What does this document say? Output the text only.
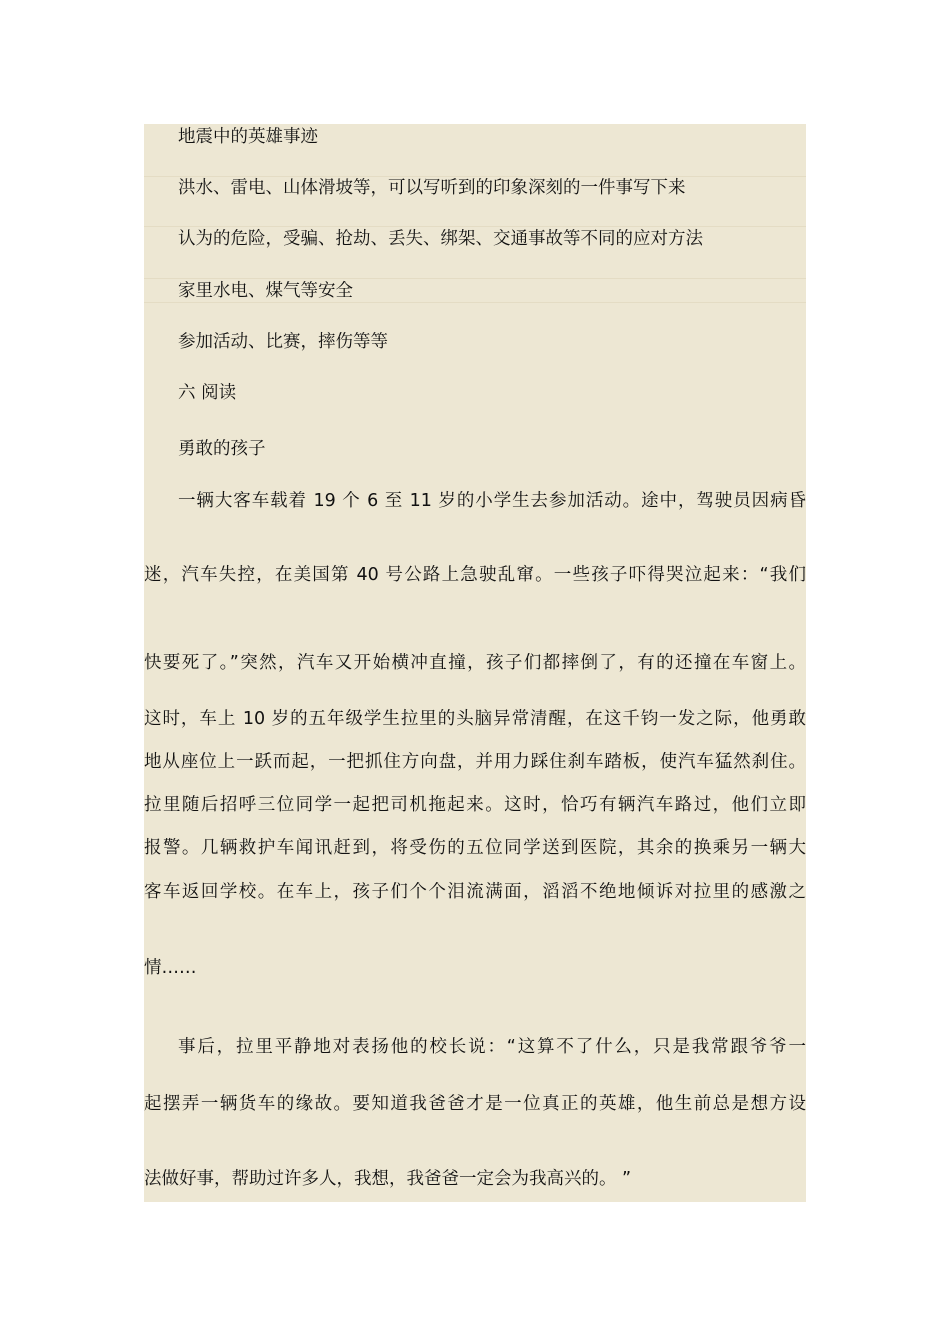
地震中的英雄事迹
洪水、雷电、山体滑坡等，可以写听到的印象深刻的一件事写下来
认为的危险，受骗、抢劫、丢失、绑架、交通事故等不同的应对方法
家里水电、煤气等安全
参加活动、比赛，摔伤等等
六 阅读
勇敢的孩子
一辆大客车载着 19 个 6 至 11 岁的小学生去参加活动。途中，驾驶员因病昏
迷，汽车失控，在美国第 40 号公路上急驶乱窜。一些孩子吓得哭泣起来：“我们
快要死了。”突然，汽车又开始横冲直撞，孩子们都摔倒了，有的还撞在车窗上。
这时，车上 10 岁的五年级学生拉里的头脑异常清醒，在这千钧一发之际，他勇敢
地从座位上一跃而起，一把抓住方向盘，并用力踩住刹车踏板，使汽车猛然刹住。
拉里随后招呼三位同学一起把司机拖起来。这时，恰巧有辆汽车路过，他们立即
报警。几辆救护车闻讯赶到，将受伤的五位同学送到医院，其余的换乘另一辆大
客车返回学校。在车上，孩子们个个泪流满面，滔滔不绝地倾诉对拉里的感激之
情……
事后，拉里平静地对表扬他的校长说：“这算不了什么，只是我常跟爷爷一
起摆弄一辆货车的缘故。要知道我爸爸才是一位真正的英雄，他生前总是想方设
法做好事，帮助过许多人，我想，我爸爸一定会为我高兴的。 ”
